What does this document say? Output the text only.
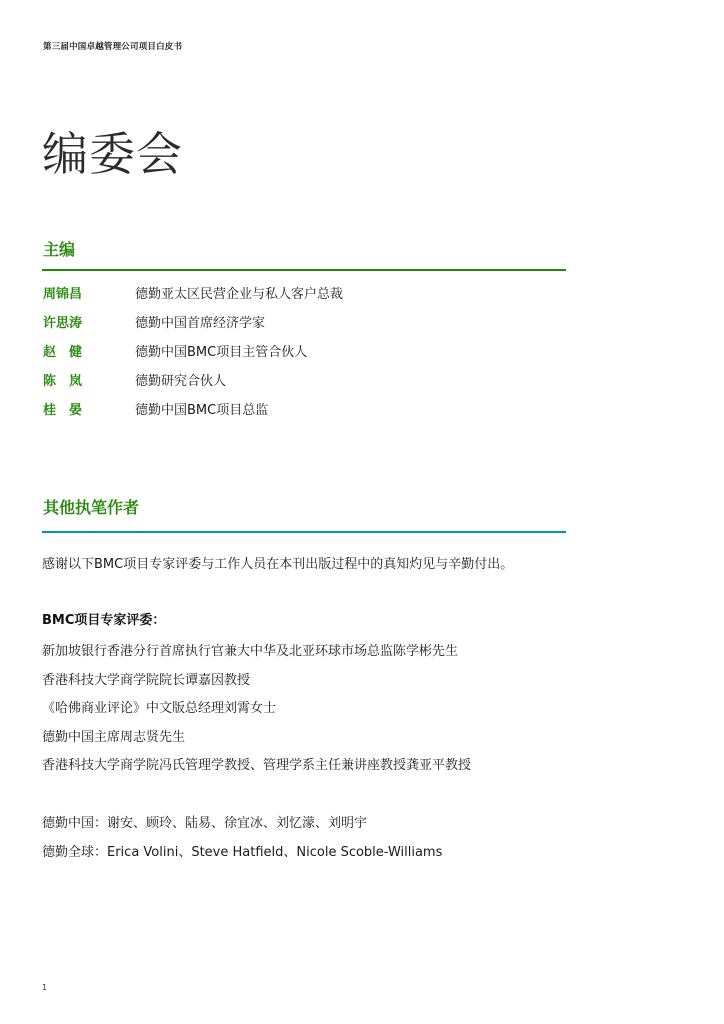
第三届中国卓越管理公司项目白皮书
编委会
主编
周锦昌	德勤亚太区民营企业与私人客户总裁
许思涛	德勤中国首席经济学家
赵　健	德勤中国BMC项目主管合伙人
陈　岚	德勤研究合伙人
桂　晏	德勤中国BMC项目总监
其他执笔作者
感谢以下BMC项目专家评委与工作人员在本刊出版过程中的真知灼见与辛勤付出。
BMC项目专家评委：
新加坡银行香港分行首席执行官兼大中华及北亚环球市场总监陈学彬先生
香港科技大学商学院院长谭嘉因教授
《哈佛商业评论》中文版总经理刘霄女士
德勤中国主席周志贤先生
香港科技大学商学院冯氏管理学教授、管理学系主任兼讲座教授龚亚平教授
德勤中国：谢安、顾玲、陆易、徐宜冰、刘忆濛、刘明宇
德勤全球：Erica Volini、Steve Hatfield、Nicole Scoble-Williams
1
